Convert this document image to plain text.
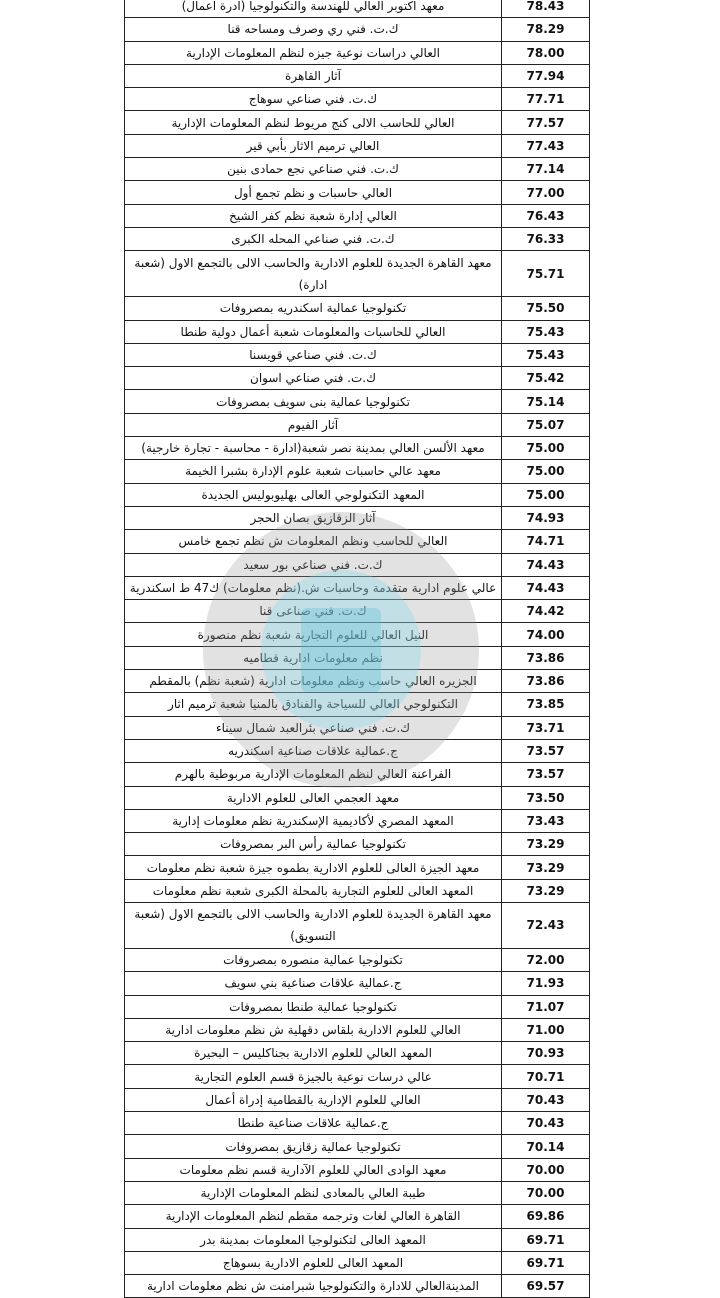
معهد اكتوبر العالي للهندسة والتكنولوجيا (ادرة اعمال)	78.43
ك.ت. فني ري وصرف ومساحه قنا	78.29
العالي دراسات نوعية جيزه لنظم المعلومات الإدارية	78.00
آثار القاهرة	77.94
ك.ت. فني صناعي سوهاج	77.71
العالي للحاسب الالى كنج مريوط لنظم المعلومات الإدارية	77.57
العالي ترميم الاثار بأبي قير	77.43
ك.ت. فني صناعي نجع حمادى بنين	77.14
العالي حاسبات و نظم تجمع أول	77.00
العالي إدارة شعبة نظم كفر الشيخ	76.43
ك.ت. فني صناعي المحله الكبرى	76.33
معهد القاهرة الجديدة للعلوم الادارية والحاسب الالى بالتجمع الاول (شعبة ادارة)	75.71
تكنولوجيا عمالية اسكندريه بمصروفات	75.50
العالي للحاسبات والمعلومات شعبة أعمال دولية طنطا	75.43
ك.ت. فني صناعي قويسنا	75.43
ك.ت. فني صناعي اسوان	75.42
تكنولوجيا عمالية بنى سويف بمصروفات	75.14
آثار الفيوم	75.07
معهد الألسن العالي بمدينة نصر شعبة(ادارة - محاسبة - تجارة خارجية)	75.00
معهد عالي حاسبات شعبة علوم الإدارة بشبرا الخيمة	75.00
المعهد التكنولوجي العالى بهليوبوليس الجديدة	75.00
آثار الزقازيق بصان الحجر	74.93
العالي للحاسب ونظم المعلومات ش نظم تجمع خامس	74.71
ك.ت. فني صناعي بور سعيد	74.43
عالي علوم ادارية متقدمة وحاسبات ش.(نظم معلومات) ك47 ط اسكندرية	74.43
ك.ت. فني صناعى قنا	74.42
النيل العالي للعلوم التجارية شعبة نظم منصورة	74.00
نظم معلومات ادارية قطاميه	73.86
الجزيره العالي حاسب ونظم معلومات ادارية (شعبة نظم) بالمقطم	73.86
التكنولوجي العالي للسياحة والفنادق بالمنيا شعبة ترميم اثار	73.85
ك.ت. فني صناعي بئرالعبد شمال سيناء	73.71
ج.عمالية علاقات صناعية اسكندريه	73.57
الفراعنة العالي لنظم المعلومات الإدارية مربوطية بالهرم	73.57
معهد العجمي العالى للعلوم الادارية	73.50
المعهد المصري لأكاديمية الإسكندرية نظم معلومات إدارية	73.43
تكنولوجيا عمالية رأس البر بمصروفات	73.29
معهد الجيزة العالى للعلوم الادارية بطموه جيزة شعبة نظم معلومات	73.29
المعهد العالى للعلوم التجارية بالمحلة الكبرى شعبة نظم معلومات	73.29
معهد القاهرة الجديدة للعلوم الادارية والحاسب الالى بالتجمع الاول (شعبة التسويق)	72.43
تكنولوجيا عمالية منصوره بمصروفات	72.00
ج.عمالية علاقات صناعية بني سويف	71.93
تكنولوجيا عمالية طنطا بمصروفات	71.07
العالي للعلوم الادارية بلقاس دقهلية ش نظم معلومات ادارية	71.00
المعهد العالي للعلوم الادارية بجناكليس – البحيرة	70.93
عالي درسات نوعية بالجيزة قسم العلوم التجارية	70.71
العالي للعلوم الإدارية بالقطامية إدراة أعمال	70.43
ج.عمالية علاقات صناعية طنطا	70.43
تكنولوجيا عمالية زقازيق بمصروفات	70.14
معهد الوادى العالي للعلوم الآدارية قسم نظم معلومات	70.00
طيبة العالي بالمعادى لنظم المعلومات الإدارية	70.00
القاهرة العالي لغات وترجمه مقطم لنظم المعلومات الإدارية	69.86
المعهد العالى لتكنولوجيا المعلومات بمدينة بدر	69.71
المعهد العالى للعلوم الادارية بسوهاج	69.71
المدينةالعالي للادارة والتكنولوجيا شبرامنت ش نظم معلومات ادارية	69.57
